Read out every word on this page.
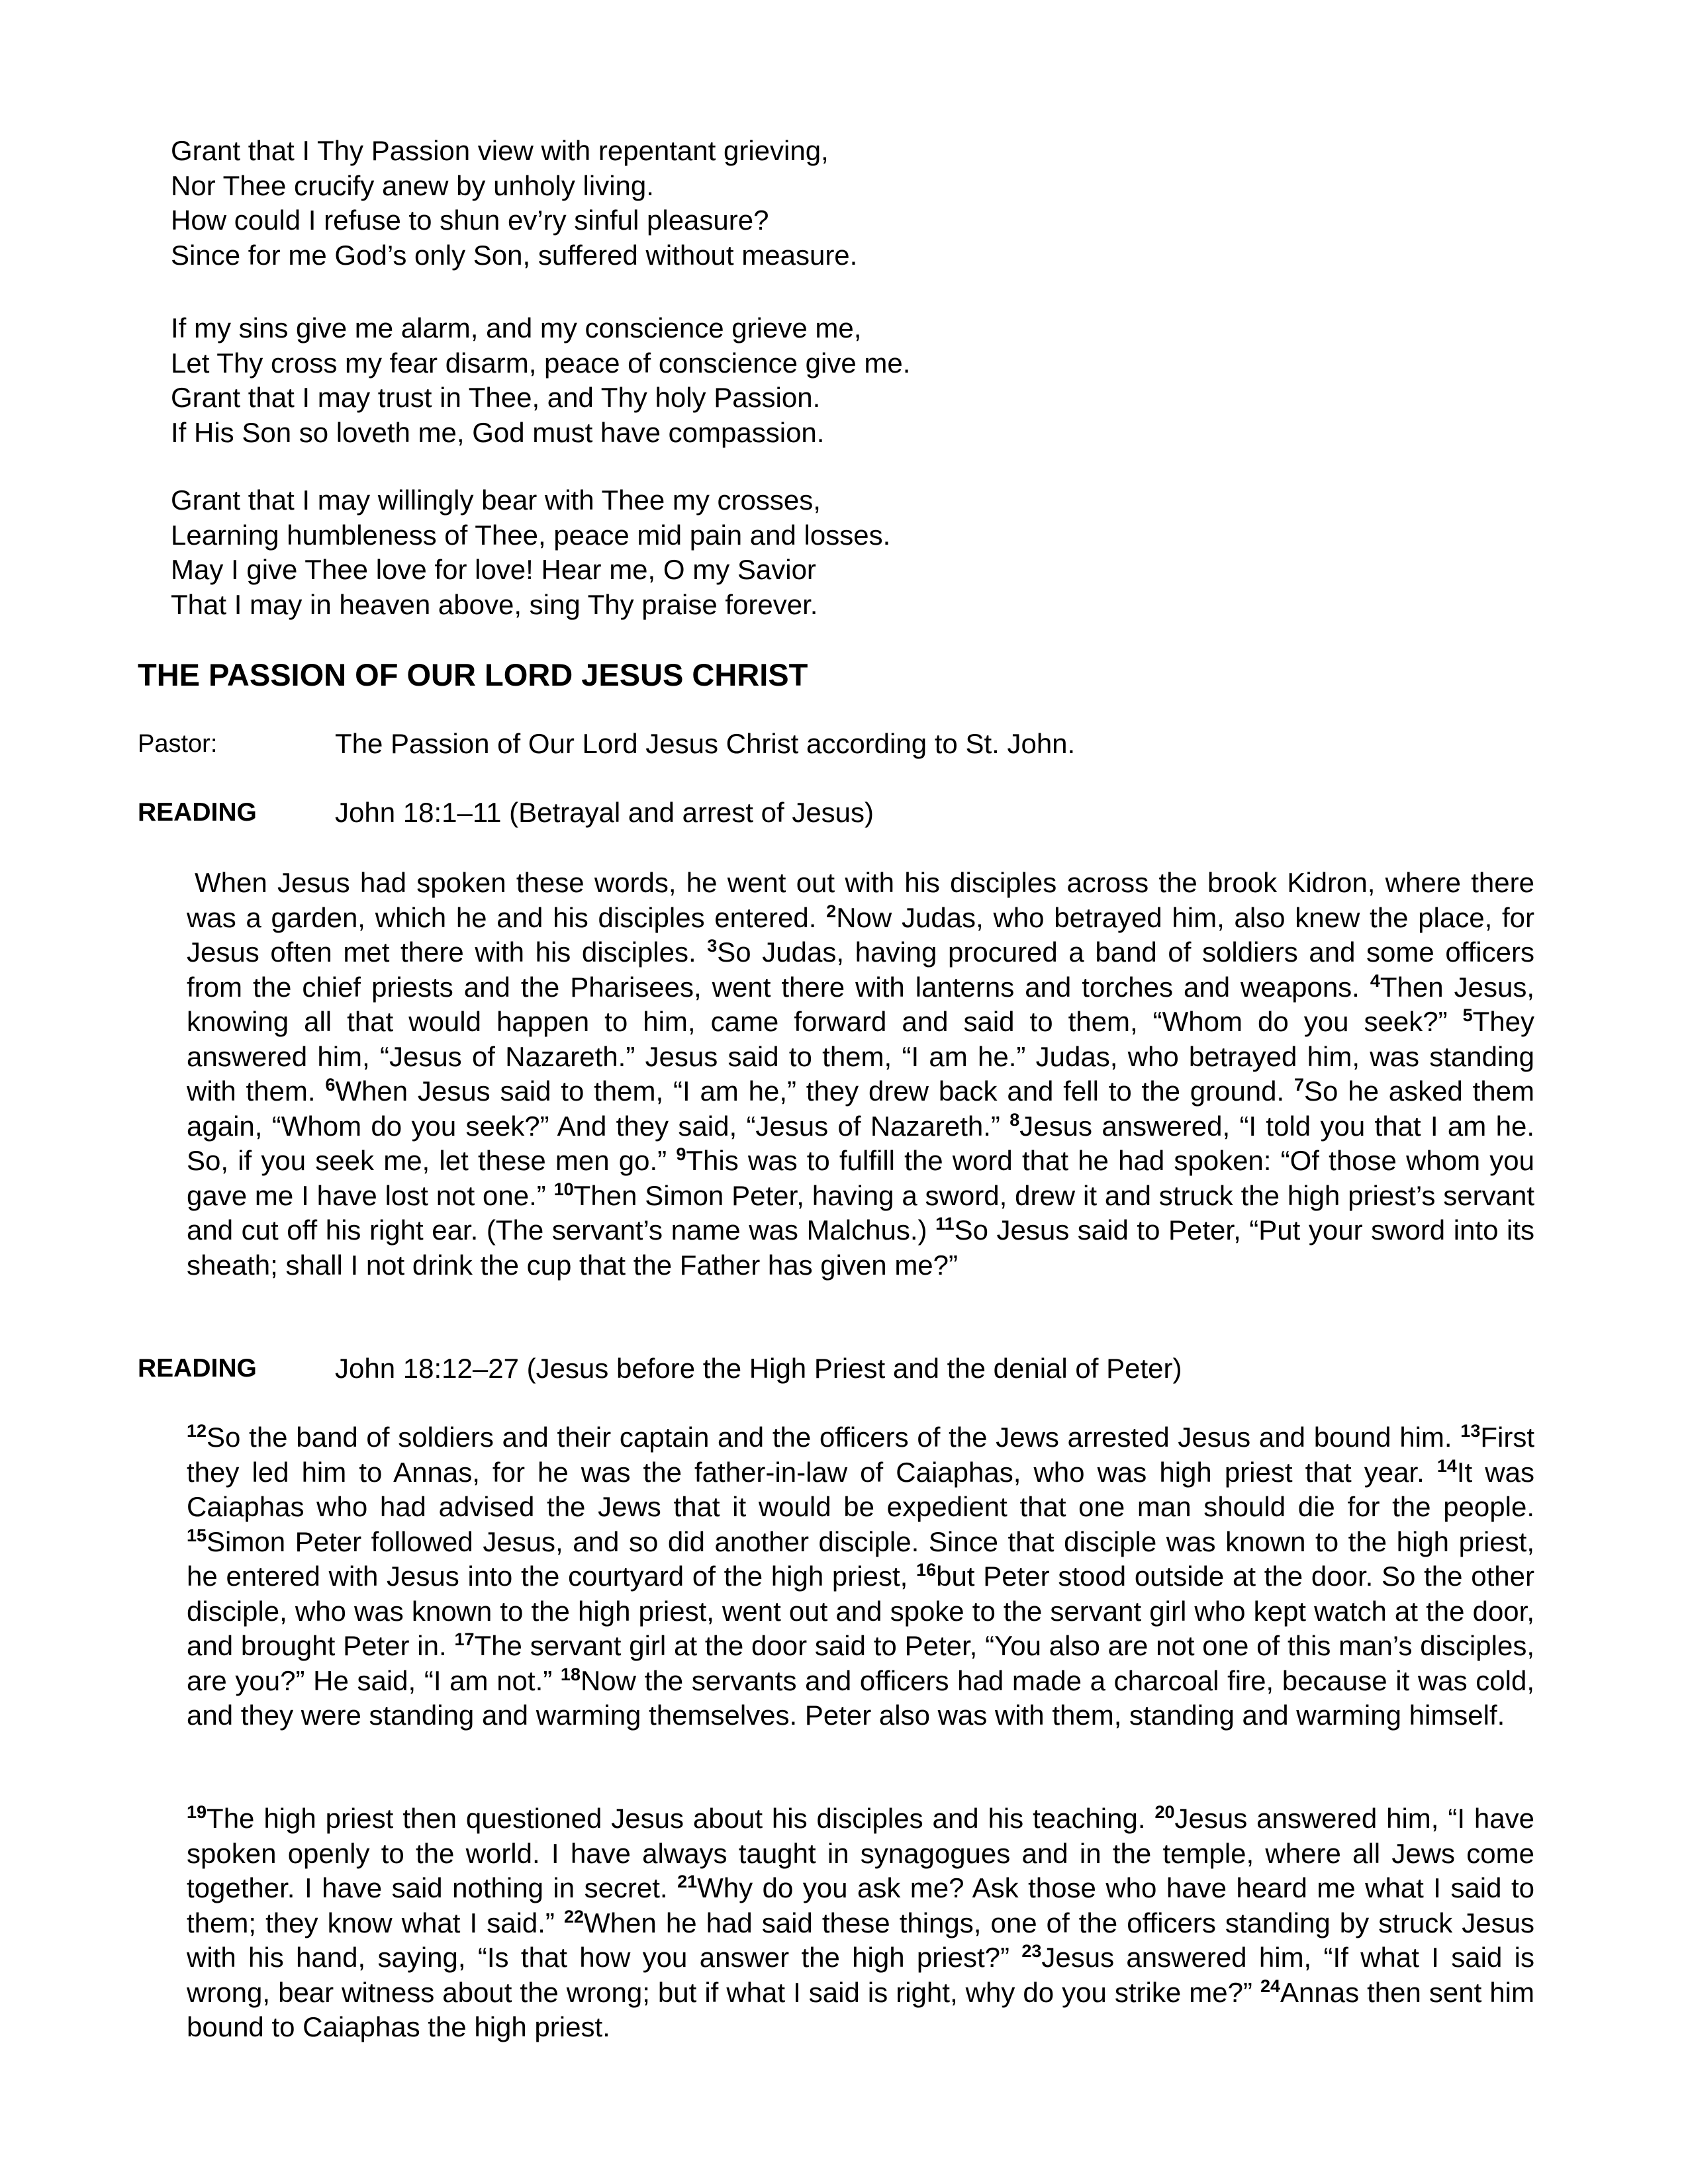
Grant that I Thy Passion view with repentant grieving,
Nor Thee crucify anew by unholy living.
How could I refuse to shun ev’ry sinful pleasure?
Since for me God’s only Son, suffered without measure.
If my sins give me alarm, and my conscience grieve me,
Let Thy cross my fear disarm, peace of conscience give me.
Grant that I may trust in Thee, and Thy holy Passion.
If His Son so loveth me, God must have compassion.
Grant that I may willingly bear with Thee my crosses,
Learning humbleness of Thee, peace mid pain and losses.
May I give Thee love for love! Hear me, O my Savior
That I may in heaven above, sing Thy praise forever.
THE PASSION OF OUR LORD JESUS CHRIST
Pastor:	The Passion of Our Lord Jesus Christ according to St. John.
READING	John 18:1–11 (Betrayal and arrest of Jesus)
When Jesus had spoken these words, he went out with his disciples across the brook Kidron, where there was a garden, which he and his disciples entered. $^2$Now Judas, who betrayed him, also knew the place, for Jesus often met there with his disciples. $^3$So Judas, having procured a band of soldiers and some officers from the chief priests and the Pharisees, went there with lanterns and torches and weapons. $^4$Then Jesus, knowing all that would happen to him, came forward and said to them, “Whom do you seek?” $^5$They answered him, “Jesus of Nazareth.” Jesus said to them, “I am he.” Judas, who betrayed him, was standing with them. $^6$When Jesus said to them, “I am he,” they drew back and fell to the ground. $^7$So he asked them again, “Whom do you seek?” And they said, “Jesus of Nazareth.” $^8$Jesus answered, “I told you that I am he. So, if you seek me, let these men go.” $^9$This was to fulfill the word that he had spoken: “Of those whom you gave me I have lost not one.” $^{10}$Then Simon Peter, having a sword, drew it and struck the high priest’s servant and cut off his right ear. (The servant’s name was Malchus.) $^{11}$So Jesus said to Peter, “Put your sword into its sheath; shall I not drink the cup that the Father has given me?”
READING	John 18:12–27 (Jesus before the High Priest and the denial of Peter)
$^{12}$So the band of soldiers and their captain and the officers of the Jews arrested Jesus and bound him. $^{13}$First they led him to Annas, for he was the father-in-law of Caiaphas, who was high priest that year. $^{14}$It was Caiaphas who had advised the Jews that it would be expedient that one man should die for the people. $^{15}$Simon Peter followed Jesus, and so did another disciple. Since that disciple was known to the high priest, he entered with Jesus into the courtyard of the high priest, $^{16}$but Peter stood outside at the door. So the other disciple, who was known to the high priest, went out and spoke to the servant girl who kept watch at the door, and brought Peter in. $^{17}$The servant girl at the door said to Peter, “You also are not one of this man’s disciples, are you?” He said, “I am not.” $^{18}$Now the servants and officers had made a charcoal fire, because it was cold, and they were standing and warming themselves. Peter also was with them, standing and warming himself.
$^{19}$The high priest then questioned Jesus about his disciples and his teaching. $^{20}$Jesus answered him, “I have spoken openly to the world. I have always taught in synagogues and in the temple, where all Jews come together. I have said nothing in secret. $^{21}$Why do you ask me? Ask those who have heard me what I said to them; they know what I said.” $^{22}$When he had said these things, one of the officers standing by struck Jesus with his hand, saying, “Is that how you answer the high priest?” $^{23}$Jesus answered him, “If what I said is wrong, bear witness about the wrong; but if what I said is right, why do you strike me?” $^{24}$Annas then sent him bound to Caiaphas the high priest.
